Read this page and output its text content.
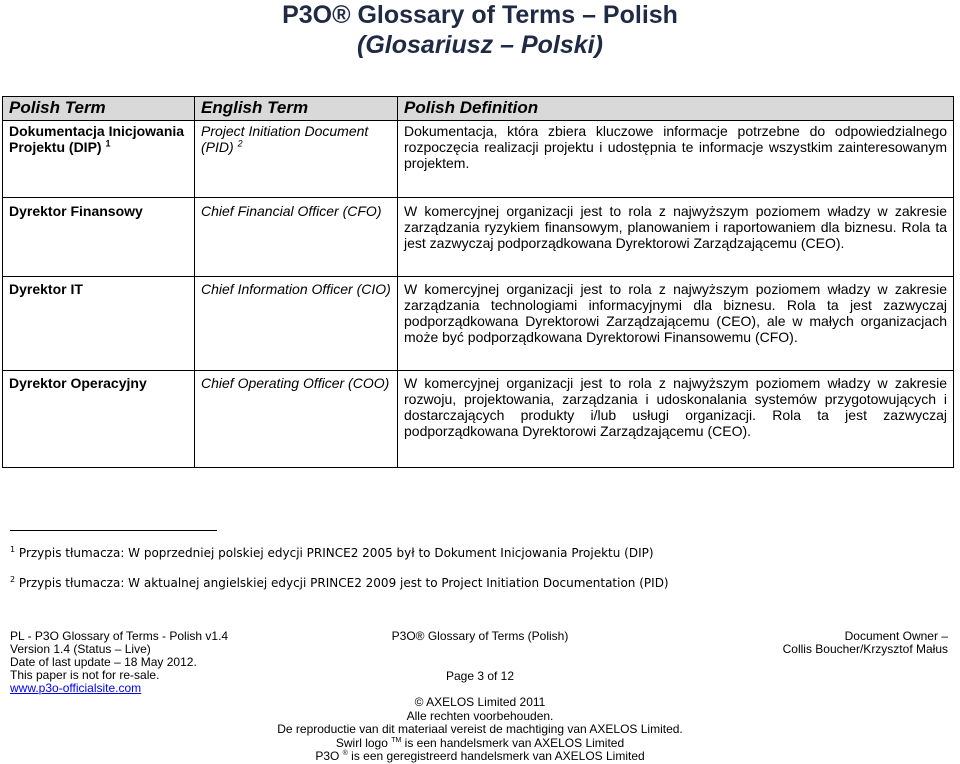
P3O® Glossary of Terms – Polish
(Glosariusz – Polski)
Polish Term	English Term	Polish Definition
Dokumentacja Inicjowania Projektu (DIP) $^1$	Project Initiation Document (PID) $^2$	Dokumentacja, która zbiera kluczowe informacje potrzebne do odpowiedzialnego rozpoczęcia realizacji projektu i udostępnia te informacje wszystkim zainteresowanym projektem.
Dyrektor Finansowy	Chief Financial Officer (CFO)	W komercyjnej organizacji jest to rola z najwyższym poziomem władzy w zakresie zarządzania ryzykiem finansowym, planowaniem i raportowaniem dla biznesu. Rola ta jest zazwyczaj podporządkowana Dyrektorowi Zarządzającemu (CEO).
Dyrektor IT	Chief Information Officer (CIO)	W komercyjnej organizacji jest to rola z najwyższym poziomem władzy w zakresie zarządzania technologiami informacyjnymi dla biznesu. Rola ta jest zazwyczaj podporządkowana Dyrektorowi Zarządzającemu (CEO), ale w małych organizacjach może być podporządkowana Dyrektorowi Finansowemu (CFO).
Dyrektor Operacyjny	Chief Operating Officer (COO)	W komercyjnej organizacji jest to rola z najwyższym poziomem władzy w zakresie rozwoju, projektowania, zarządzania i udoskonalania systemów przygotowujących i dostarczających produkty i/lub usługi organizacji. Rola ta jest zazwyczaj podporządkowana Dyrektorowi Zarządzającemu (CEO).
$^1$ Przypis tłumacza: W poprzedniej polskiej edycji PRINCE2 2005 był to Dokument Inicjowania Projektu (DIP)
$^2$ Przypis tłumacza: W aktualnej angielskiej edycji PRINCE2 2009 jest to Project Initiation Documentation (PID)
PL - P3O Glossary of Terms - Polish v1.4
Version 1.4 (Status – Live)
Date of last update – 18 May 2012.
This paper is not for re-sale.
www.p3o-officialsite.com
P3O® Glossary of Terms (Polish)
Page 3 of 12
Document Owner –
Collis Boucher/Krzysztof Małus
© AXELOS Limited 2011
Alle rechten voorbehouden.
De reproductie van dit materiaal vereist de machtiging van AXELOS Limited.
Swirl logo ™ is een handelsmerk van AXELOS Limited
P3O ® is een geregistreerd handelsmerk van AXELOS Limited
